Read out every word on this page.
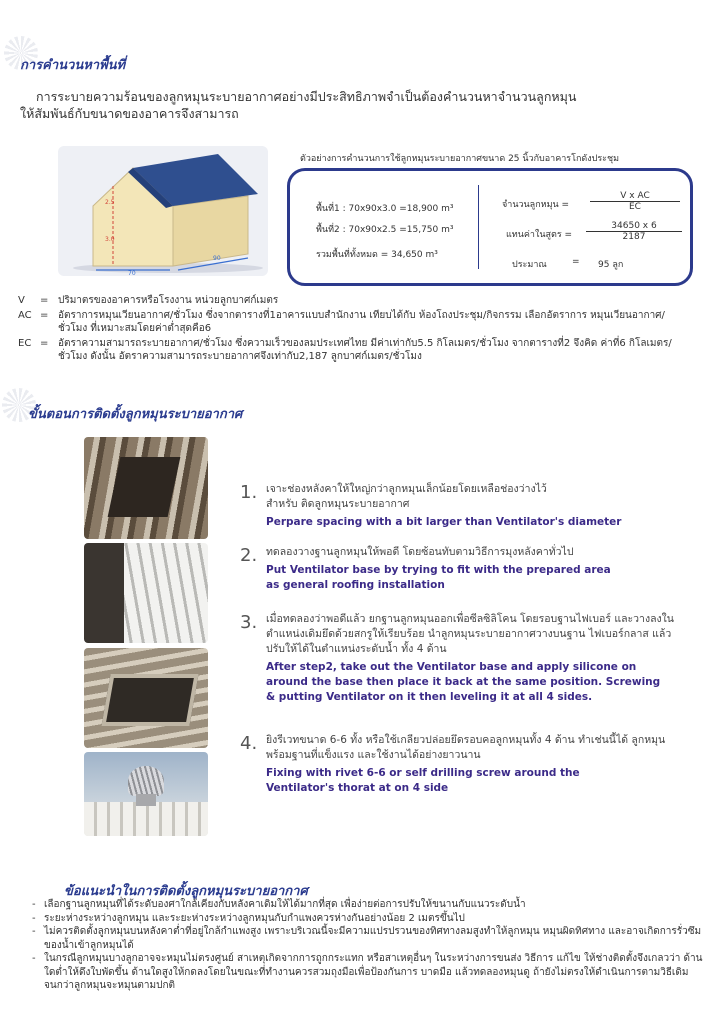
การคำนวนหาพื้นที่
การระบายความร้อนของลูกหมุนระบายอากาศอย่างมีประสิทธิภาพจำเป็นต้องคำนวนหาจำนวนลูกหมุน
ให้สัมพันธ์กับขนาดของอาคารจึงสามารถ
2.5
3.0
70
90
ตัวอย่างการคำนวนการใช้ลูกหมุนระบายอากาศขนาด 25 นิ้วกับอาคารโกดังประชุม
พื้นที่1 : 70x90x3.0 =18,900 m³
พื้นที่2 : 70x90x2.5 =15,750 m³
รวมพื้นที่ทั้งหมด = 34,650 m³
จำนวนลูกหมุน = $\frac{\text{V x AC}}{EC}$
แทนค่าในสูตร = $\frac{34650 x 6}{2187}$
ประมาณ	= 95 ลูก
V	= ปริมาตรของอาคารหรือโรงงาน หน่วยลูกบาศก์เมตร
AC = อัตราการหมุนเวียนอากาศ/ชั่วโมง ซึ่งจากตารางที่1อาคารแบบสำนักงาน เทียบได้กับ ห้องโถงประชุม/กิจกรรม เลือกอัตราการ หมุนเวียนอากาศ/ชั่วโมง ที่เหมาะสมโดยค่าต่ำสุดคือ6
EC = อัตราความสามารถระบายอากาศ/ชั่วโมง ซึ่งความเร็วของลมประเทศไทย มีค่าเท่ากับ5.5 กิโลเมตร/ชั่วโมง จากตารางที่2 จึงคิด ค่าที่6 กิโลเมตร/ชั่วโมง ดังนั้น อัตราความสามารถระบายอากาศจึงเท่ากับ2,187 ลูกบาศก์เมตร/ชั่วโมง
ขั้นตอนการติดตั้งลูกหมุนระบายอากาศ
1. เจาะช่องหลังคาให้ใหญ่กว่าลูกหมุนเล็กน้อยโดยเหลือช่องว่างไว้สำหรับ ติดลูกหมุนระบายอากาศ
Perpare spacing with a bit larger than Ventilator's diameter
2. ทดลองวางฐานลูกหมุนให้พอดี โดยซ้อนทับตามวิธีการมุงหลังคาทั่วไป
Put Ventilator base by trying to fit with the prepared area as general roofing installation
3. เมื่อทดลองว่าพอดีแล้ว ยกฐานลูกหมุนออกเพื่อซีลซิลิโคน โดยรอบฐานไฟเบอร์ และวางลงในตำแหน่งเดิมยึดด้วยสกรูให้เรียบร้อย นำลูกหมุนระบายอากาศวางบนฐาน ไฟเบอร์กลาส แล้วปรับให้ได้ในตำแหน่งระดับน้ำ ทั้ง 4 ด้าน
After step2, take out the Ventilator base and apply silicone on around the base then place it back at the same position. Screwing & putting Ventilator on it then leveling it at all 4 sides.
4. ยิงรีเวทขนาด 6-6 ทั้ง หรือใช้เกลียวปล่อยยึดรอบคอลูกหมุนทั้ง 4 ด้าน ทำเช่นนี้ได้ ลูกหมุนพร้อมฐานที่แข็งแรง และใช้งานได้อย่างยาวนาน
Fixing with rivet 6-6 or self drilling screw around the Ventilator's thorat at on 4 side
ข้อแนะนำในการติดตั้งลูกหมุนระบายอากาศ
- เลือกฐานลูกหมุนที่ได้ระดับองศาใกล้เคียงกับหลังคาเดิมให้ได้มากที่สุด เพื่อง่ายต่อการปรับให้ขนานกับแนวระดับน้ำ
- ระยะห่างระหว่างลูกหมุน และระยะห่างระหว่างลูกหมุนกับกำแพงควรห่างกันอย่างน้อย 2 เมตรขึ้นไป
- ไม่ควรติดตั้งลูกหมุนบนหลังคาต่ำที่อยู่ใกล้กำแพงสูง เพราะบริเวณนี้จะมีความแปรปรวนของทิศทางลมสูงทำให้ลูกหมุน หมุนผิดทิศทาง และอาจเกิดการรั่วซึมของน้ำเข้าลูกหมุนได้
- ในกรณีลูกหมุนบางลูกอาจจะหมุนไม่ตรงศูนย์ สาเหตุเกิดจากการถูกกระแทก หรือสาเหตุอื่นๆ ในระหว่างการขนส่ง วิธีการ แก้ไข ให้ช่างติดตั้งจึงเกลวว่า ด้านใดต่ำให้ดึงใบพัดขึ้น ด้านใดสูงให้กดลงโดยในขณะที่ทำงานควรสวมถุงมือเพื่อป้องกันการ บาดมือ แล้วทดลองหมุนดู ถ้ายังไม่ตรงให้ดำเนินการตามวิธีเดิม จนกว่าลูกหมุนจะหมุนตามปกติ
